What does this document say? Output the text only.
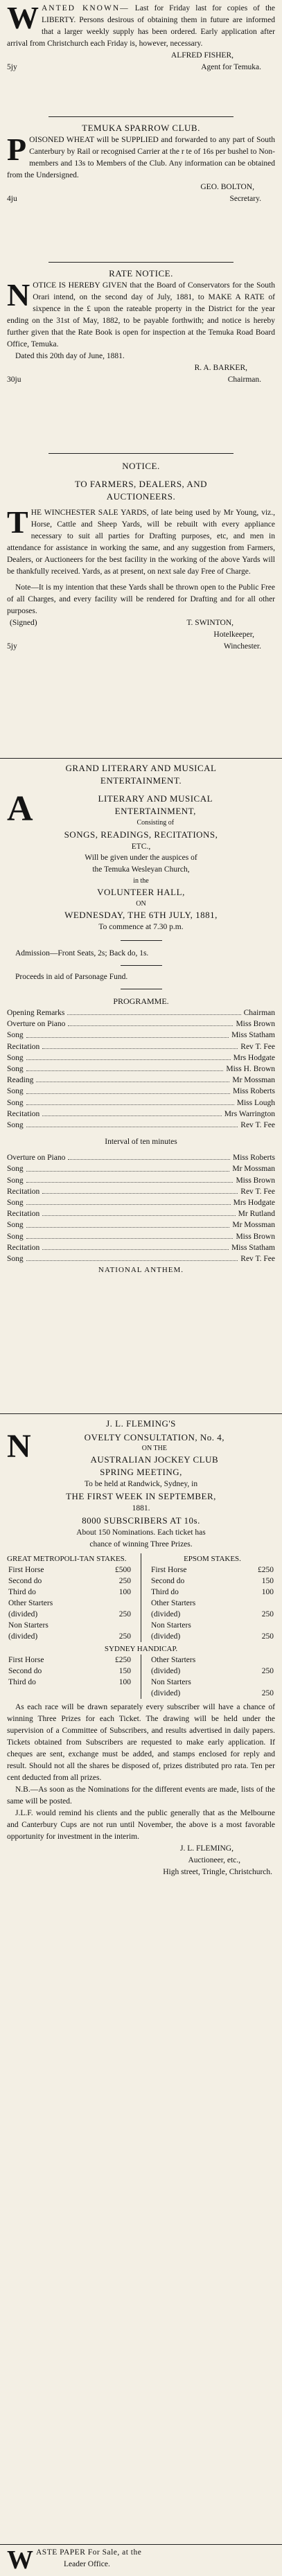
W ANTED KNOWN— Last for Friday last for copies of the LIBERTY. Persons desirous of obtaining them in future are informed that a larger weekly supply has been ordered. Early application after arrival from Christchurch each Friday is, however, necessary.

ALFRED FISHER,
5jy	Agent for Temuka.
TEMUKA SPARROW CLUB.

P OISONED WHEAT will be SUPPLIED and forwarded to any part of South Canterbury by Rail or recognised Carrier at the r te of 16s per bushel to Non-members and 13s to Members of the Club. Any information can be obtained from the Undersigned.

GEO. BOLTON,
4ju	Secretary.
RATE NOTICE.

N OTICE IS HEREBY GIVEN that the Board of Conservators for the South Orari intend, on the second day of July, 1881, to MAKE A RATE of sixpence in the £ upon the rateable property in the District for the year ending on the 31st of May, 1882, to be payable forthwith; and notice is hereby further given that the Rate Book is open for inspection at the Temuka Road Board Office, Temuka.

Dated this 20th day of June, 1881.

R. A. BARKER,
30ju	Chairman.
NOTICE.
TO FARMERS, DEALERS, AND
AUCTIONEERS.

T HE WINCHESTER SALE YARDS, of late being used by Mr Young, viz., Horse, Cattle and Sheep Yards, will be rebuilt with every appliance necessary to suit all parties for Drafting purposes, etc, and men in attendance for assistance in working the same, and any suggestion from Farmers, Dealers, or Auctioneers for the best facility in the working of the above Yards will be thankfully received. Yards, as at present, on next sale day Free of Charge.

Note—It is my intention that these Yards shall be thrown open to the Public Free of all Charges, and every facility will be rendered for Drafting and for all other purposes.

(Signed)	T. SWINTON,
Hotelkeeper,
5jy	Winchester.
GRAND LITERARY AND MUSICAL
ENTERTAINMENT.
A	LITERARY AND MUSICAL
ENTERTAINMENT,
Consisting of
SONGS, READINGS, RECITATIONS,
ETC.,
Will be given under the auspices of
the Temuka Wesleyan Church,
in the
VOLUNTEER HALL,
ON
WEDNESDAY, THE 6TH JULY, 1881,
To commence at 7.30 p.m.

Admission—Front Seats, 2s; Back do, 1s.

Proceeds in aid of Parsonage Fund.

PROGRAMME.
Opening Remarks	Chairman
Overture on Piano	Miss Brown
Song	Miss Statham
Recitation	Rev T. Fee
Song	Mrs Hodgate
Song	Miss H. Brown
Reading	Mr Mossman
Song	Miss Roberts
Song	Miss Lough
Recitation	Mrs Warrington
Song	Rev T. Fee
Interval of ten minutes
Overture on Piano	Miss Roberts
Song	Mr Mossman
Song	Miss Brown
Recitation	Rev T. Fee
Song	Mrs Hodgate
Recitation	Mr Rutland
Song	Mr Mossman
Song	Miss Brown
Recitation	Miss Statham
Song	Rev T. Fee
NATIONAL ANTHEM.
J. L. FLEMING'S
N	OVELTY CONSULTATION, No. 4,
ON THE
AUSTRALIAN JOCKEY CLUB
SPRING MEETING,
To be held at Randwick, Sydney, in
THE FIRST WEEK IN SEPTEMBER,
1881.
8000 SUBSCRIBERS AT 10s.
About 150 Nominations. Each ticket has
chance of winning Three Prizes.
GREAT METROPOLI-TAN STAKES.
First Horse	£500
Second do	250
Third do	100
Other Starters	
(divided)	250
Non Starters	
(divided)	250
EPSOM STAKES.
First Horse	£250
Second do	150
Third do	100
Other Starters	
(divided)	250
Non Starters	
(divided)	250
SYDNEY HANDICAP.
First Horse	£250
Second do	150
Third do	100
Other Starters	
(divided)	250
Non Starters	
(divided)	250

As each race will be drawn separately every subscriber will have a chance of winning Three Prizes for each Ticket. The drawing will be held under the supervision of a Committee of Subscribers, and results advertised in daily papers. Tickets obtained from Subscribers are requested to make early application. If cheques are sent, exchange must be added, and stamps enclosed for reply and result. Should not all the shares be disposed of, prizes distributed pro rata. Ten per cent deducted from all prizes.

N.B.—As soon as the Nominations for the different events are made, lists of the same will be posted.

J.L.F. would remind his clients and the public generally that as the Melbourne and Canterbury Cups are not run until November, the above is a most favorable opportunity for investment in the interim.

J. L. FLEMING,
Auctioneer, etc.,
High street, Tringle, Christchurch.

W ASTE PAPER For Sale, at the
Leader Office.
